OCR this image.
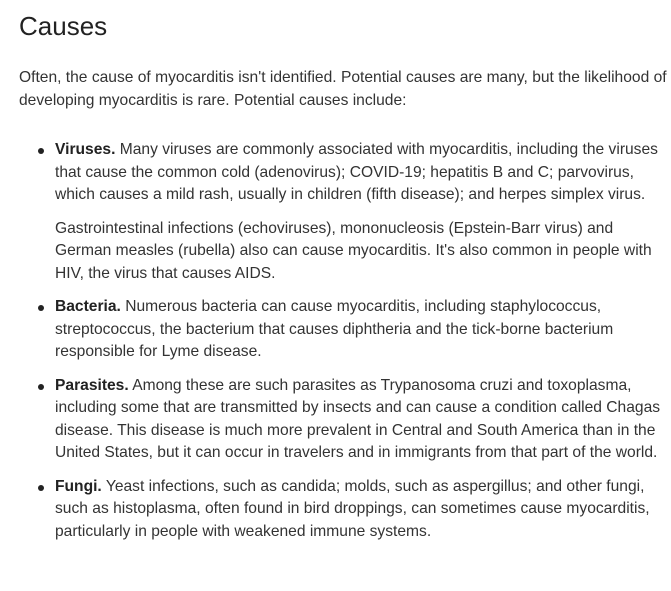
Causes

Often, the cause of myocarditis isn't identified. Potential causes are many, but the likelihood of developing myocarditis is rare. Potential causes include:

Viruses. Many viruses are commonly associated with myocarditis, including the viruses that cause the common cold (adenovirus); COVID-19; hepatitis B and C; parvovirus, which causes a mild rash, usually in children (fifth disease); and herpes simplex virus.

Gastrointestinal infections (echoviruses), mononucleosis (Epstein-Barr virus) and German measles (rubella) also can cause myocarditis. It's also common in people with HIV, the virus that causes AIDS.

Bacteria. Numerous bacteria can cause myocarditis, including staphylococcus, streptococcus, the bacterium that causes diphtheria and the tick-borne bacterium responsible for Lyme disease.

Parasites. Among these are such parasites as Trypanosoma cruzi and toxoplasma, including some that are transmitted by insects and can cause a condition called Chagas disease. This disease is much more prevalent in Central and South America than in the United States, but it can occur in travelers and in immigrants from that part of the world.

Fungi. Yeast infections, such as candida; molds, such as aspergillus; and other fungi, such as histoplasma, often found in bird droppings, can sometimes cause myocarditis, particularly in people with weakened immune systems.
